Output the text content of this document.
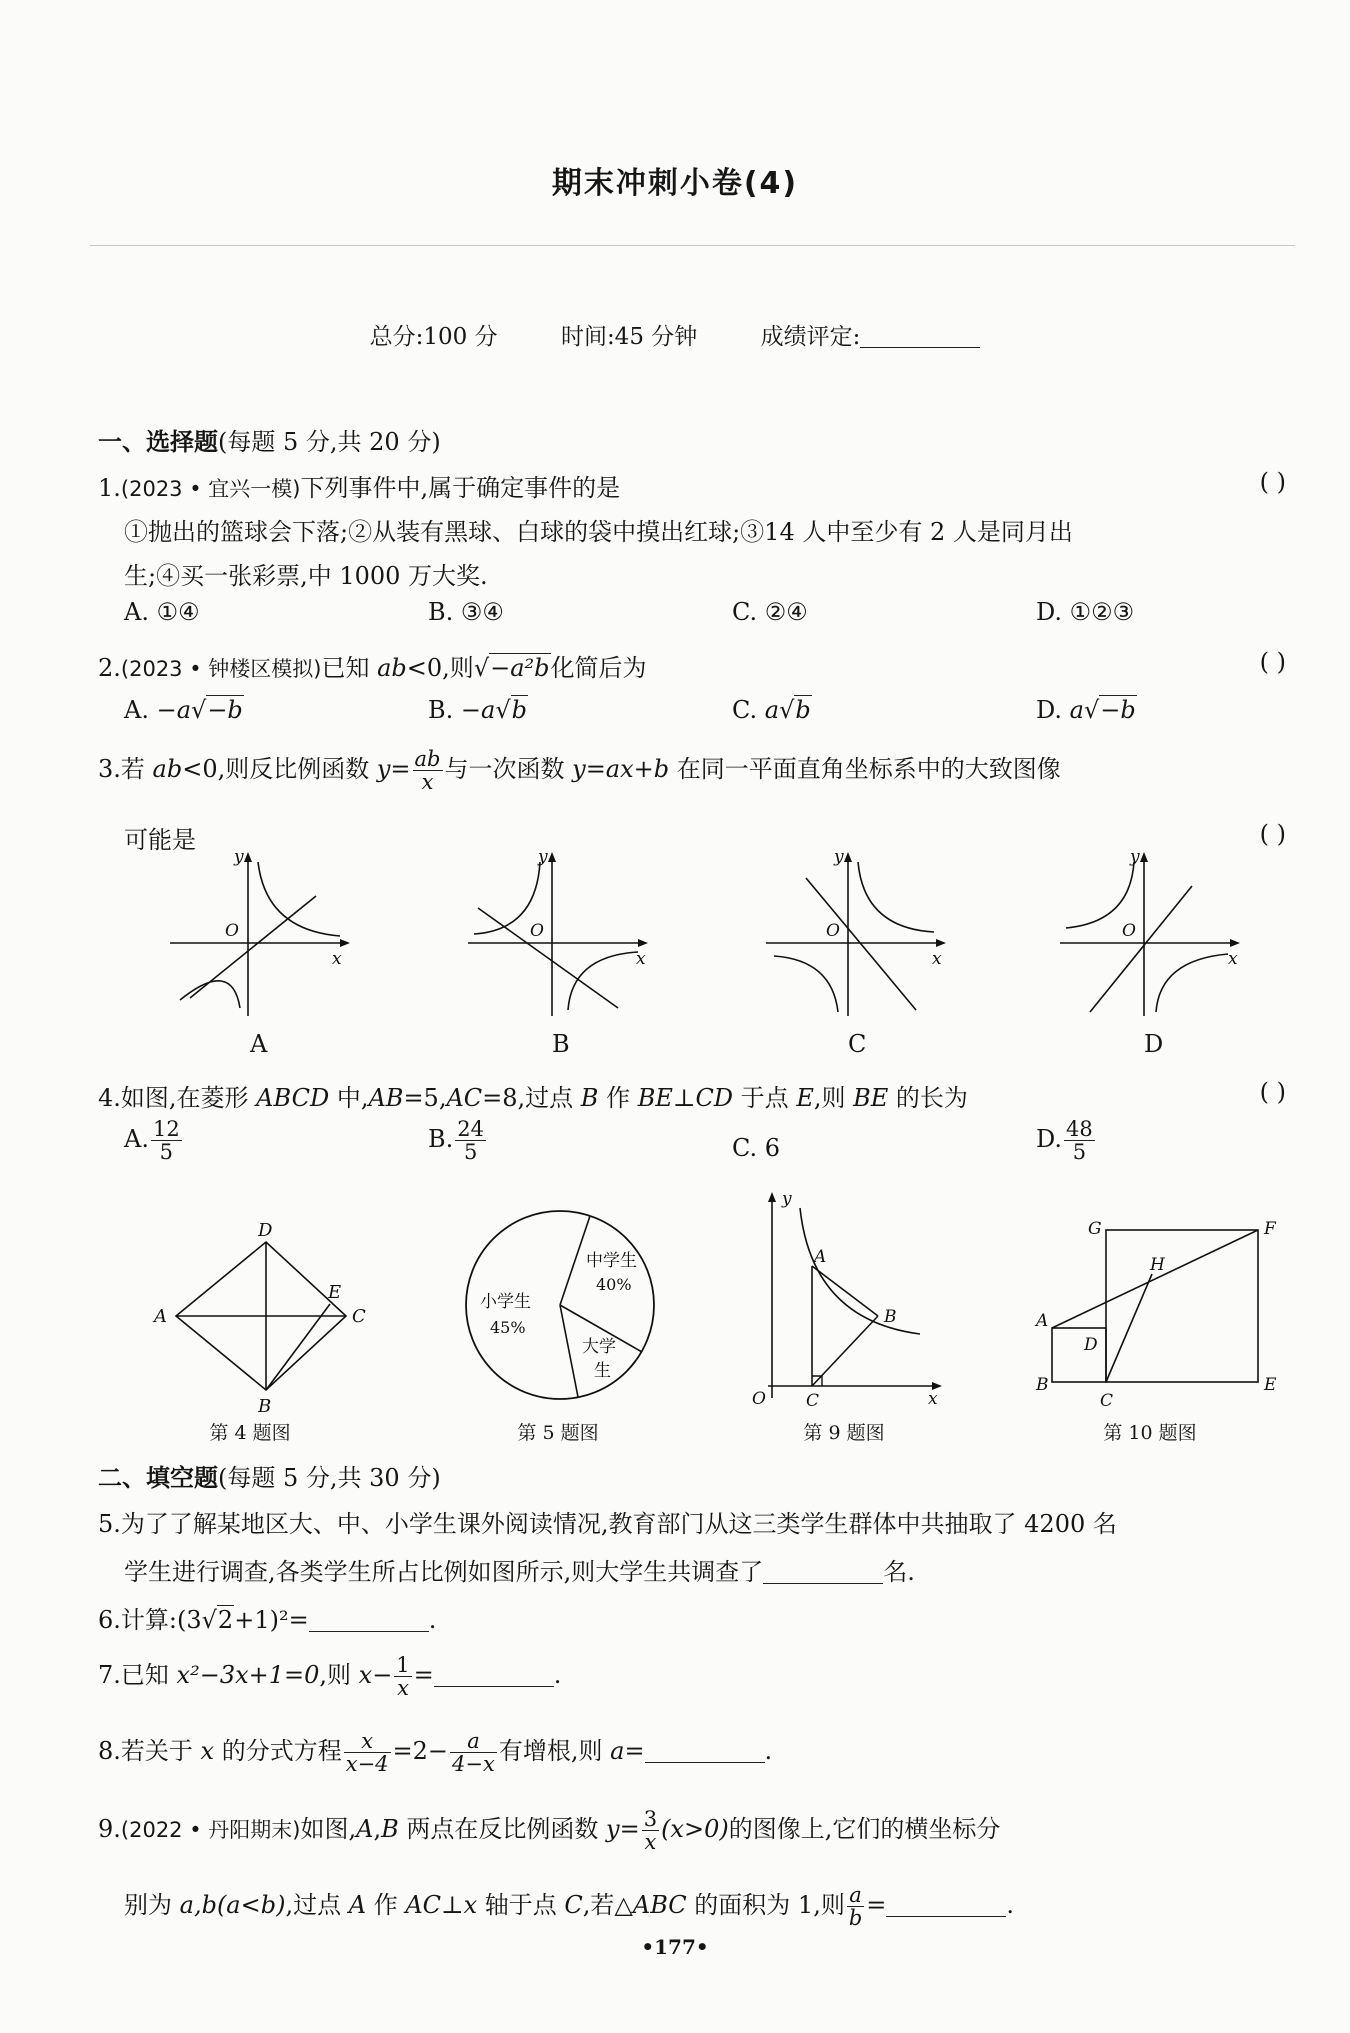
期末冲刺小卷(4)
总分:100 分	时间:45 分钟	成绩评定:
一、选择题(每题 5 分,共 20 分)
1.(2023 • 宜兴一模)下列事件中,属于确定事件的是	( )
①抛出的篮球会下落;②从装有黑球、白球的袋中摸出红球;③14 人中至少有 2 人是同月出
生;④买一张彩票,中 1000 万大奖.
A. ①④	B. ③④	C. ②④	D. ①②③
2.(2023 • 钟楼区模拟)已知 ab<0,则√−a²b化简后为	( )
A. −a√−b	B. −a√b	C. a√b	D. a√−b
3.若 ab<0,则反比例函数 $y= \frac{ab}{x}$ 与一次函数 y=ax+b 在同一平面直角坐标系中的大致图像
可能是	( )
y
x
O
y
x
O
y
x
O
y
x
O
A	B	C	D
4.如图,在菱形 ABCD 中,AB=5,AC=8,过点 B 作 BE⊥CD 于点 E,则 BE 的长为	( )
A. $\frac{12}{5}$	B. $\frac{24}{5}$	C. 6	D. $\frac{48}{5}$
A
D
C
B
E
第 4 题图
中学生
40%
小学生
45%
大学
生
第 5 题图
y
x
O
A
B
C
第 9 题图
A
B
C
D
E
F
G
H
第 10 题图
二、填空题(每题 5 分,共 30 分)
5.为了了解某地区大、中、小学生课外阅读情况,教育部门从这三类学生群体中共抽取了 4200 名
学生进行调查,各类学生所占比例如图所示,则大学生共调查了	名.
6.计算:(3√2+1)²=	.
7.已知 x²−3x+1=0,则 $x- \frac{1}{x}$ =	.
8.若关于 x 的分式方程 $\frac{x}{x-4} =2- \frac{a}{4-x}$ 有增根,则 a=	.
9.(2022 • 丹阳期末)如图,A,B 两点在反比例函数 $y= \frac{3}{x} (x>0)$的图像上,它们的横坐标分
别为 a,b(a<b),过点 A 作 AC⊥x 轴于点 C,若△ABC 的面积为 1,则 $\frac{a}{b}$ =	.
•177•
